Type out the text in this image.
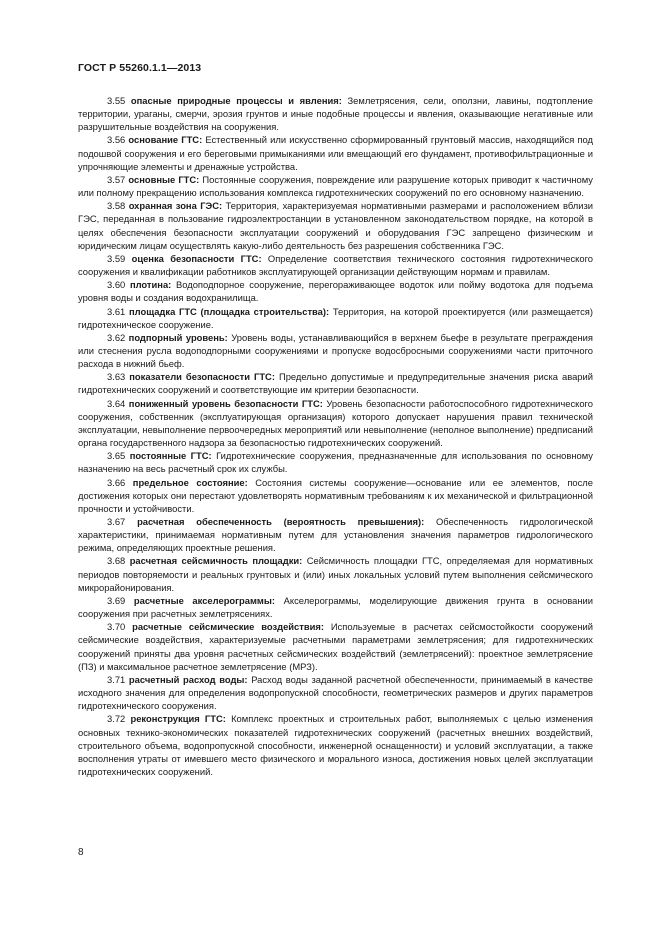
ГОСТ Р 55260.1.1—2013

3.55 опасные природные процессы и явления: Землетрясения, сели, оползни, лавины, подтопление территории, ураганы, смерчи, эрозия грунтов и иные подобные процессы и явления, оказывающие негативные или разрушительные воздействия на сооружения.

3.56 основание ГТС: Естественный или искусственно сформированный грунтовый массив, находящийся под подошвой сооружения и его береговыми примыканиями или вмещающий его фундамент, противофильтрационные и упрочняющие элементы и дренажные устройства.

3.57 основные ГТС: Постоянные сооружения, повреждение или разрушение которых приводит к частичному или полному прекращению использования комплекса гидротехнических сооружений по его основному назначению.

3.58 охранная зона ГЭС: Территория, характеризуемая нормативными размерами и расположением вблизи ГЭС, переданная в пользование гидроэлектростанции в установленном законодательством порядке, на которой в целях обеспечения безопасности эксплуатации сооружений и оборудования ГЭС запрещено физическим и юридическим лицам осуществлять какую-либо деятельность без разрешения собственника ГЭС.

3.59 оценка безопасности ГТС: Определение соответствия технического состояния гидротехнического сооружения и квалификации работников эксплуатирующей организации действующим нормам и правилам.

3.60 плотина: Водоподпорное сооружение, перегораживающее водоток или пойму водотока для подъема уровня воды и создания водохранилища.

3.61 площадка ГТС (площадка строительства): Территория, на которой проектируется (или размещается) гидротехническое сооружение.

3.62 подпорный уровень: Уровень воды, устанавливающийся в верхнем бьефе в результате преграждения или стеснения русла водоподпорными сооружениями и пропуске водосбросными сооружениями части приточного расхода в нижний бьеф.

3.63 показатели безопасности ГТС: Предельно допустимые и предупредительные значения риска аварий гидротехнических сооружений и соответствующие им критерии безопасности.

3.64 пониженный уровень безопасности ГТС: Уровень безопасности работоспособного гидротехнического сооружения, собственник (эксплуатирующая организация) которого допускает нарушения правил технической эксплуатации, невыполнение первоочередных мероприятий или невыполнение (неполное выполнение) предписаний органа государственного надзора за безопасностью гидротехнических сооружений.

3.65 постоянные ГТС: Гидротехнические сооружения, предназначенные для использования по основному назначению на весь расчетный срок их службы.

3.66 предельное состояние: Состояния системы сооружение—основание или ее элементов, после достижения которых они перестают удовлетворять нормативным требованиям к их механической и фильтрационной прочности и устойчивости.

3.67 расчетная обеспеченность (вероятность превышения): Обеспеченность гидрологической характеристики, принимаемая нормативным путем для установления значения параметров гидрологического режима, определяющих проектные решения.

3.68 расчетная сейсмичность площадки: Сейсмичность площадки ГТС, определяемая для нормативных периодов повторяемости и реальных грунтовых и (или) иных локальных условий путем выполнения сейсмического микрорайонирования.

3.69 расчетные акселерограммы: Акселерограммы, моделирующие движения грунта в основании сооружения при расчетных землетрясениях.

3.70 расчетные сейсмические воздействия: Используемые в расчетах сейсмостойкости сооружений сейсмические воздействия, характеризуемые расчетными параметрами землетрясения; для гидротехнических сооружений приняты два уровня расчетных сейсмических воздействий (землетрясений): проектное землетрясение (ПЗ) и максимальное расчетное землетрясение (МРЗ).

3.71 расчетный расход воды: Расход воды заданной расчетной обеспеченности, принимаемый в качестве исходного значения для определения водопропускной способности, геометрических размеров и других параметров гидротехнического сооружения.

3.72 реконструкция ГТС: Комплекс проектных и строительных работ, выполняемых с целью изменения основных технико-экономических показателей гидротехнических сооружений (расчетных внешних воздействий, строительного объема, водопропускной способности, инженерной оснащенности) и условий эксплуатации, а также восполнения утраты от имевшего место физического и морального износа, достижения новых целей эксплуатации гидротехнических сооружений.

8
